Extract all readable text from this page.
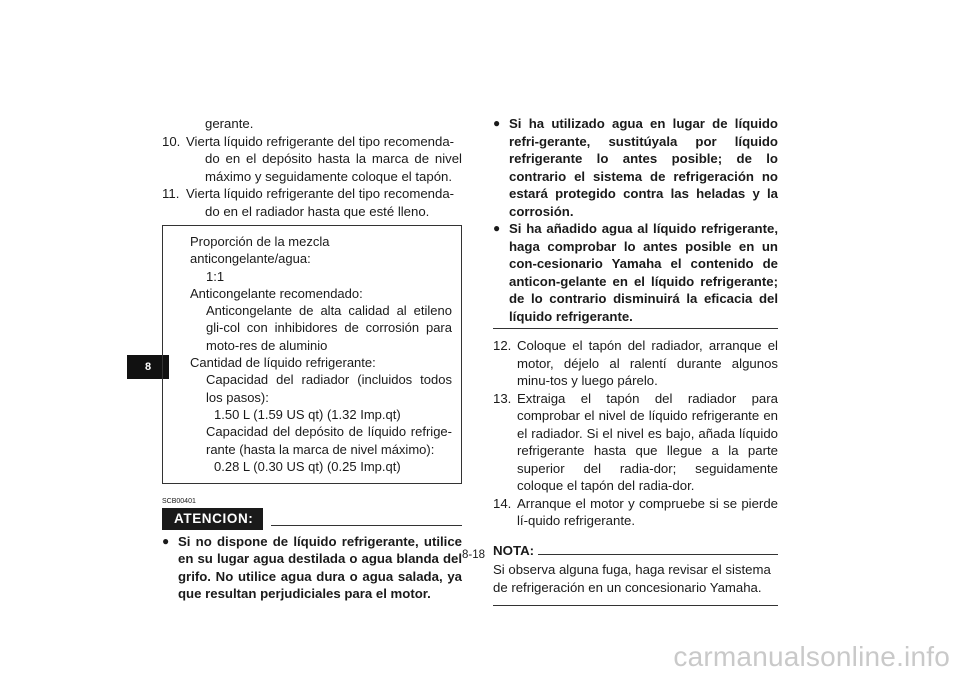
8
gerante.
10. Vierta líquido refrigerante del tipo recomenda-
do en el depósito hasta la marca de nivel máximo y seguidamente coloque el tapón.
11. Vierta líquido refrigerante del tipo recomenda-
do en el radiador hasta que esté lleno.
Proporción de la mezcla anticongelante/agua:
1:1
Anticongelante recomendado:
Anticongelante de alta calidad al etileno gli-col con inhibidores de corrosión para moto-res de aluminio
Cantidad de líquido refrigerante:
Capacidad del radiador (incluidos todos los pasos):
1.50 L (1.59 US qt) (1.32 Imp.qt)
Capacidad del depósito de líquido refrige-rante (hasta la marca de nivel máximo):
0.28 L (0.30 US qt) (0.25 Imp.qt)
SCB00401
ATENCION:
● Si no dispone de líquido refrigerante, utilice en su lugar agua destilada o agua blanda del grifo. No utilice agua dura o agua salada, ya que resultan perjudiciales para el motor.
● Si ha utilizado agua en lugar de líquido refri-gerante, sustitúyala por líquido refrigerante lo antes posible; de lo contrario el sistema de refrigeración no estará protegido contra las heladas y la corrosión.
● Si ha añadido agua al líquido refrigerante, haga comprobar lo antes posible en un con-cesionario Yamaha el contenido de anticon-gelante en el líquido refrigerante; de lo contrario disminuirá la eficacia del líquido refrigerante.
12. Coloque el tapón del radiador, arranque el motor, déjelo al ralentí durante algunos minu-tos y luego párelo.
13. Extraiga el tapón del radiador para comprobar el nivel de líquido refrigerante en el radiador. Si el nivel es bajo, añada líquido refrigerante hasta que llegue a la parte superior del radia-dor; seguidamente coloque el tapón del radia-dor.
14. Arranque el motor y compruebe si se pierde lí-quido refrigerante.
NOTA:
Si observa alguna fuga, haga revisar el sistema de refrigeración en un concesionario Yamaha.
8-18
carmanualsonline.info
